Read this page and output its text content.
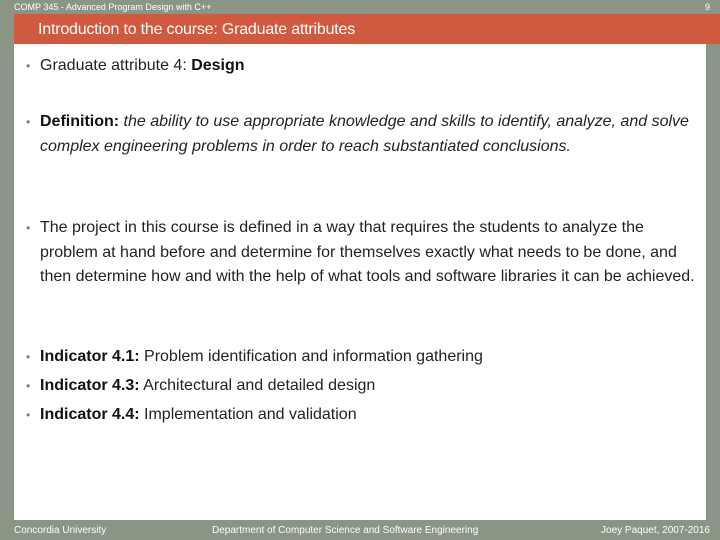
COMP 345 - Advanced Program Design with C++	9
Introduction to the course: Graduate attributes
• Graduate attribute 4: Design
• Definition: the ability to use appropriate knowledge and skills to identify, analyze, and solve complex engineering problems in order to reach substantiated conclusions.
• The project in this course is defined in a way that requires the students to analyze the problem at hand before and determine for themselves exactly what needs to be done, and then determine how and with the help of what tools and software libraries it can be achieved.
• Indicator 4.1: Problem identification and information gathering
• Indicator 4.3: Architectural and detailed design
• Indicator 4.4: Implementation and validation
Concordia University	Department of Computer Science and Software Engineering	Joey Paquet, 2007-2016
